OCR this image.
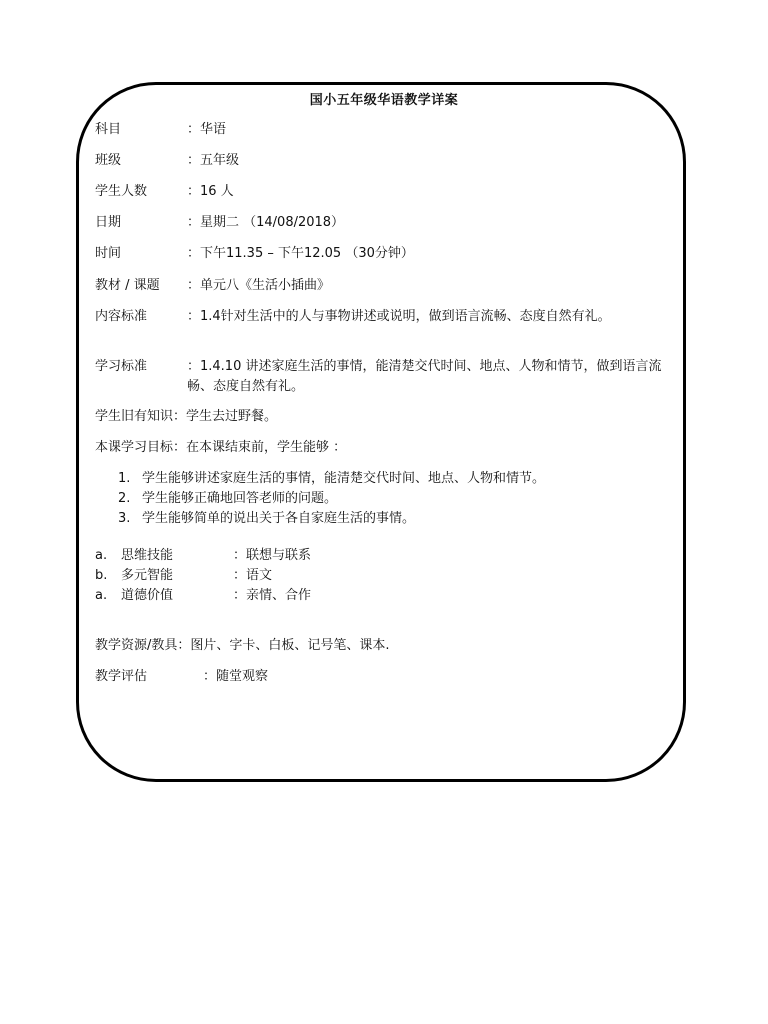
国小五年级华语教学详案
科目	：华语
班级	：五年级
学生人数	：16 人
日期	：星期二 （14/08/2018）
时间	：下午11.35 – 下午12.05 （30分钟）
教材 / 课题 ：单元八《生活小插曲》
内容标准	：1.4针对生活中的人与事物讲述或说明，做到语言流畅、态度自然有礼。
学习标准	：1.4.10 讲述家庭生活的事情，能清楚交代时间、地点、人物和情节，做到语言流畅、态度自然有礼。
学生旧有知识：学生去过野餐。
本课学习目标：在本课结束前，学生能够 ：
1. 学生能够讲述家庭生活的事情，能清楚交代时间、地点、人物和情节。
2. 学生能够正确地回答老师的问题。
3. 学生能够简单的说出关于各自家庭生活的事情。
a. 思维技能	：联想与联系
b. 多元智能	：语文
a. 道德价值	：亲情、合作
教学资源/教具：图片、字卡、白板、记号笔、课本.
教学评估	：随堂观察
